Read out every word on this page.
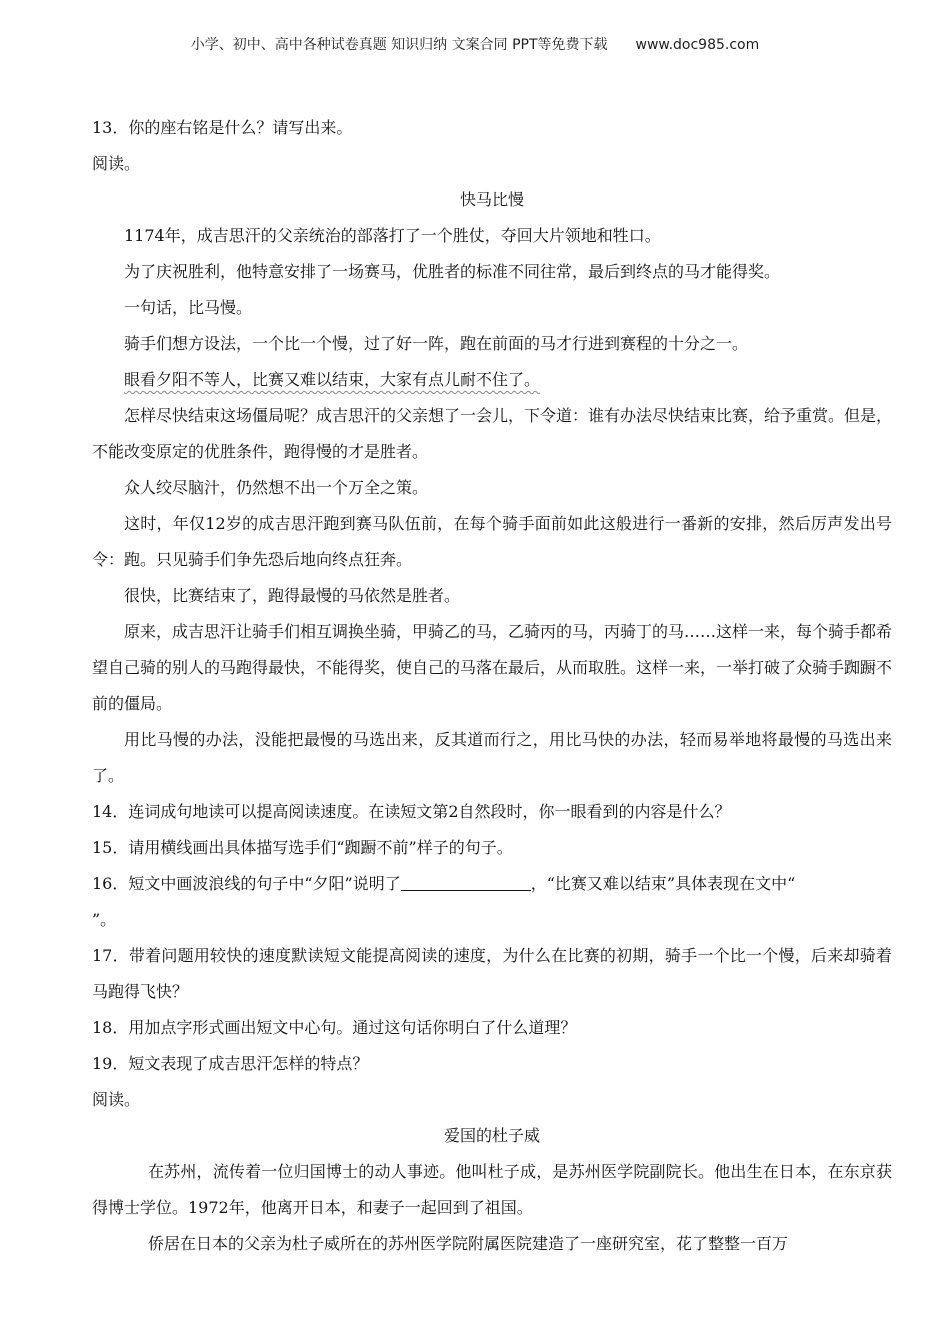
小学、初中、高中各种试卷真题 知识归纳 文案合同 PPT等免费下载 www.doc985.com
13．你的座右铭是什么？请写出来。
阅读。
快马比慢
1174年，成吉思汗的父亲统治的部落打了一个胜仗，夺回大片领地和牲口。
为了庆祝胜利，他特意安排了一场赛马，优胜者的标准不同往常，最后到终点的马才能得奖。
一句话，比马慢。
骑手们想方设法，一个比一个慢，过了好一阵，跑在前面的马才行进到赛程的十分之一。
眼看夕阳不等人，比赛又难以结束，大家有点儿耐不住了。
怎样尽快结束这场僵局呢？成吉思汗的父亲想了一会儿，下令道：谁有办法尽快结束比赛，给予重赏。但是，不能改变原定的优胜条件，跑得慢的才是胜者。
众人绞尽脑汁，仍然想不出一个万全之策。
这时，年仅12岁的成吉思汗跑到赛马队伍前，在每个骑手面前如此这般进行一番新的安排，然后厉声发出号令：跑。只见骑手们争先恐后地向终点狂奔。
很快，比赛结束了，跑得最慢的马依然是胜者。
原来，成吉思汗让骑手们相互调换坐骑，甲骑乙的马，乙骑丙的马，丙骑丁的马……这样一来，每个骑手都希望自己骑的别人的马跑得最快，不能得奖，使自己的马落在最后，从而取胜。这样一来，一举打破了众骑手踟蹰不前的僵局。
用比马慢的办法，没能把最慢的马选出来，反其道而行之，用比马快的办法，轻而易举地将最慢的马选出来了。
14．连词成句地读可以提高阅读速度。在读短文第2自然段时，你一眼看到的内容是什么？
15．请用横线画出具体描写选手们“踟蹰不前”样子的句子。
16．短文中画波浪线的句子中“夕阳”说明了	，“比赛又难以结束”具体表现在文中“
”。
17．带着问题用较快的速度默读短文能提高阅读的速度，为什么在比赛的初期，骑手一个比一个慢，后来却骑着马跑得飞快？
18．用加点字形式画出短文中心句。通过这句话你明白了什么道理？
19．短文表现了成吉思汗怎样的特点？
阅读。
爱国的杜子威
在苏州，流传着一位归国博士的动人事迹。他叫杜子成，是苏州医学院副院长。他出生在日本，在东京获得博士学位。1972年，他离开日本，和妻子一起回到了祖国。
侨居在日本的父亲为杜子威所在的苏州医学院附属医院建造了一座研究室，花了整整一百万
